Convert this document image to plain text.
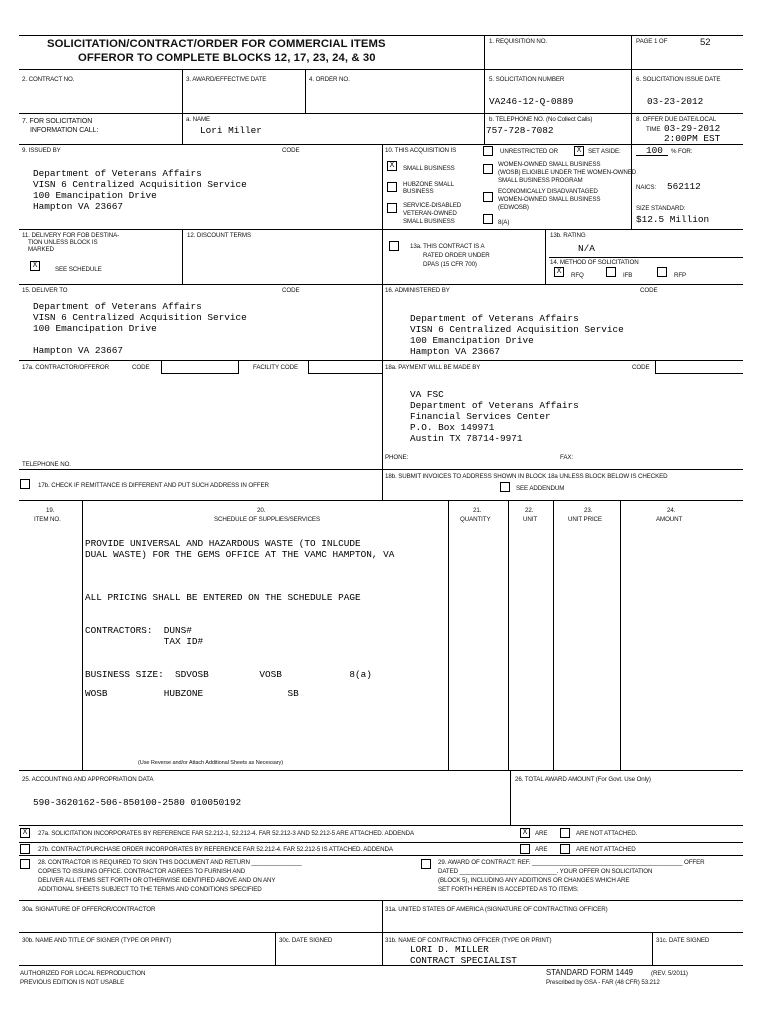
SOLICITATION/CONTRACT/ORDER FOR COMMERCIAL ITEMS
OFFEROR TO COMPLETE BLOCKS 12, 17, 23, 24, & 30
1. REQUISITION NO.	PAGE 1 OF	52
2. CONTRACT NO.	3. AWARD/EFFECTIVE DATE	4. ORDER NO.	5. SOLICITATION NUMBER
VA246-12-Q-0889
6. SOLICITATION ISSUE DATE
03-23-2012
7. FOR SOLICITATION
INFORMATION CALL:
a. NAME
Lori Miller
b. TELEPHONE NO. (No Collect Calls)
757-728-7082
8. OFFER DUE DATE/LOCAL
TIME 03-29-2012
2:00PM EST
9. ISSUED BY	CODE
Department of Veterans Affairs
VISN 6 Centralized Acquisition Service
100 Emancipation Drive
Hampton VA 23667
10. THIS ACQUISITION IS	UNRESTRICTED OR	X	SET ASIDE:	100 % FOR:
X	SMALL BUSINESS
HUBZONE SMALL
BUSINESS
SERVICE-DISABLED
VETERAN-OWNED
SMALL BUSINESS
WOMEN-OWNED SMALL BUSINESS
(WOSB) ELIGIBLE UNDER THE WOMEN-OWNED
SMALL BUSINESS PROGRAM
ECONOMICALLY DISADVANTAGED
WOMEN-OWNED SMALL BUSINESS
(EDWOSB)
8(A)
NAICS: 562112
SIZE STANDARD:
$12.5 Million
11. DELIVERY FOR FOB DESTINA-
TION UNLESS BLOCK IS
MARKED
X	SEE SCHEDULE
12. DISCOUNT TERMS
13a. THIS CONTRACT IS A
RATED ORDER UNDER
DPAS (15 CFR 700)
13b. RATING
N/A
14. METHOD OF SOLICITATION
X	RFQ	IFB	RFP
15. DELIVER TO	CODE
Department of Veterans Affairs
VISN 6 Centralized Acquisition Service
100 Emancipation Drive
Hampton VA 23667
16. ADMINISTERED BY	CODE
Department of Veterans Affairs
VISN 6 Centralized Acquisition Service
100 Emancipation Drive
Hampton VA 23667
17a. CONTRACTOR/OFFEROR	CODE	FACILITY CODE
TELEPHONE NO.
17b. CHECK IF REMITTANCE IS DIFFERENT AND PUT SUCH ADDRESS IN OFFER
18a. PAYMENT WILL BE MADE BY	CODE
VA FSC
Department of Veterans Affairs
Financial Services Center
P.O. Box 149971
Austin TX 78714-9971
PHONE:	FAX:
18b. SUBMIT INVOICES TO ADDRESS SHOWN IN BLOCK 18a UNLESS BLOCK BELOW IS CHECKED
SEE ADDENDUM
19.
ITEM NO.
20.
SCHEDULE OF SUPPLIES/SERVICES
21.
QUANTITY
22.
UNIT
23.
UNIT PRICE
24.
AMOUNT
PROVIDE UNIVERSAL AND HAZARDOUS WASTE (TO INLCUDE
DUAL WASTE) FOR THE GEMS OFFICE AT THE VAMC HAMPTON, VA
ALL PRICING SHALL BE ENTERED ON THE SCHEDULE PAGE
CONTRACTORS:  DUNS#
TAX ID#
BUSINESS SIZE:  SDVOSB         VOSB            8(a)
WOSB          HUBZONE               SB
(Use Reverse and/or Attach Additional Sheets as Necessary)
25. ACCOUNTING AND APPROPRIATION DATA
590-3620162-506-850100-2580 010050192
26. TOTAL AWARD AMOUNT (For Govt. Use Only)
X	27a. SOLICITATION INCORPORATES BY REFERENCE FAR 52.212-1, 52.212-4. FAR 52.212-3 AND 52.212-5 ARE ATTACHED. ADDENDA	X	ARE	ARE NOT ATTACHED.
27b. CONTRACT/PURCHASE ORDER INCORPORATES BY REFERENCE FAR 52.212-4. FAR 52.212-5 IS ATTACHED. ADDENDA	ARE	ARE NOT ATTACHED
28. CONTRACTOR IS REQUIRED TO SIGN THIS DOCUMENT AND RETURN _______________
COPIES TO ISSUING OFFICE. CONTRACTOR AGREES TO FURNISH AND
DELIVER ALL ITEMS SET FORTH OR OTHERWISE IDENTIFIED ABOVE AND ON ANY
ADDITIONAL SHEETS SUBJECT TO THE TERMS AND CONDITIONS SPECIFIED
29. AWARD OF CONTRACT: REF. _____________________________________________ OFFER
DATED _____________________________. YOUR OFFER ON SOLICITATION
(BLOCK 5), INCLUDING ANY ADDITIONS OR CHANGES WHICH ARE
SET FORTH HEREIN IS ACCEPTED AS TO ITEMS:
30a. SIGNATURE OF OFFEROR/CONTRACTOR	31a. UNITED STATES OF AMERICA (SIGNATURE OF CONTRACTING OFFICER)
30b. NAME AND TITLE OF SIGNER (TYPE OR PRINT)	30c. DATE SIGNED	31b. NAME OF CONTRACTING OFFICER (TYPE OR PRINT)
LORI D. MILLER
CONTRACT SPECIALIST
31c. DATE SIGNED
AUTHORIZED FOR LOCAL REPRODUCTION
PREVIOUS EDITION IS NOT USABLE
STANDARD FORM 1449	(REV. 5/2011)
Prescribed by GSA - FAR (48 CFR) 53.212
